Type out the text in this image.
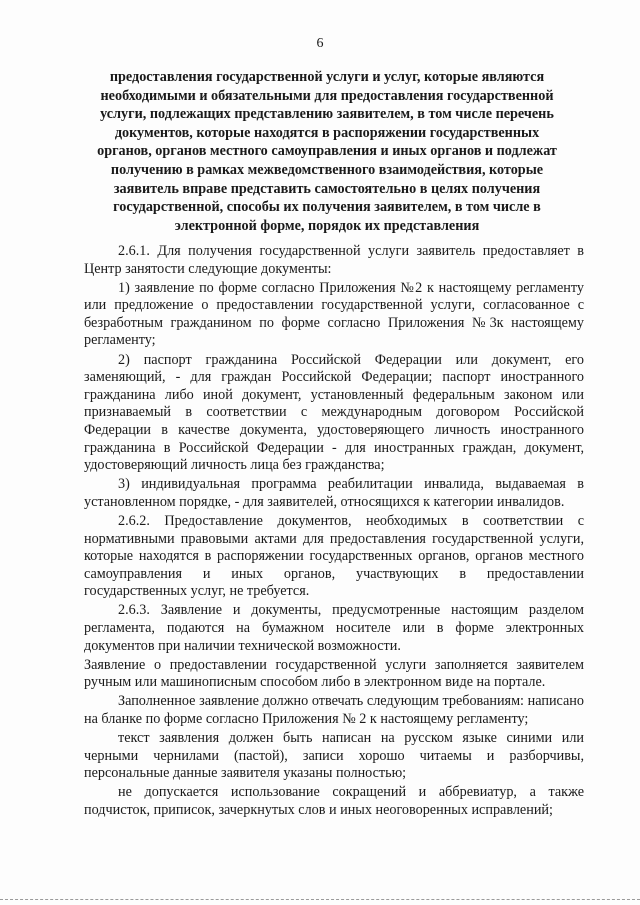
6
предоставления государственной услуги и услуг, которые являются необходимыми и обязательными для предоставления государственной услуги, подлежащих представлению заявителем, в том числе перечень документов, которые находятся в распоряжении государственных органов, органов местного самоуправления и иных органов и подлежат получению в рамках межведомственного взаимодействия, которые заявитель вправе представить самостоятельно в целях получения государственной, способы их получения заявителем, в том числе в электронной форме, порядок их представления

2.6.1. Для получения государственной услуги заявитель предоставляет в Центр занятости следующие документы:

1) заявление по форме согласно Приложения №2 к настоящему регламенту или предложение о предоставлении государственной услуги, согласованное с безработным гражданином по форме согласно Приложения №3к настоящему регламенту;

2) паспорт гражданина Российской Федерации или документ, его заменяющий, - для граждан Российской Федерации; паспорт иностранного гражданина либо иной документ, установленный федеральным законом или признаваемый в соответствии с международным договором Российской Федерации в качестве документа, удостоверяющего личность иностранного гражданина в Российской Федерации - для иностранных граждан, документ, удостоверяющий личность лица без гражданства;

3) индивидуальная программа реабилитации инвалида, выдаваемая в установленном порядке, - для заявителей, относящихся к категории инвалидов.

2.6.2. Предоставление документов, необходимых в соответствии с нормативными правовыми актами для предоставления государственной услуги, которые находятся в распоряжении государственных органов, органов местного самоуправления и иных органов, участвующих в предоставлении государственных услуг, не требуется.

2.6.3. Заявление и документы, предусмотренные настоящим разделом регламента, подаются на бумажном носителе или в форме электронных документов при наличии технической возможности.

Заявление о предоставлении государственной услуги заполняется заявителем ручным или машинописным способом либо в электронном виде на портале.

Заполненное заявление должно отвечать следующим требованиям: написано на бланке по форме согласно Приложения № 2 к настоящему регламенту;

текст заявления должен быть написан на русском языке синими или черными чернилами (пастой), записи хорошо читаемы и разборчивы, персональные данные заявителя указаны полностью;

не допускается использование сокращений и аббревиатур, а также подчисток, приписок, зачеркнутых слов и иных неоговоренных исправлений;
